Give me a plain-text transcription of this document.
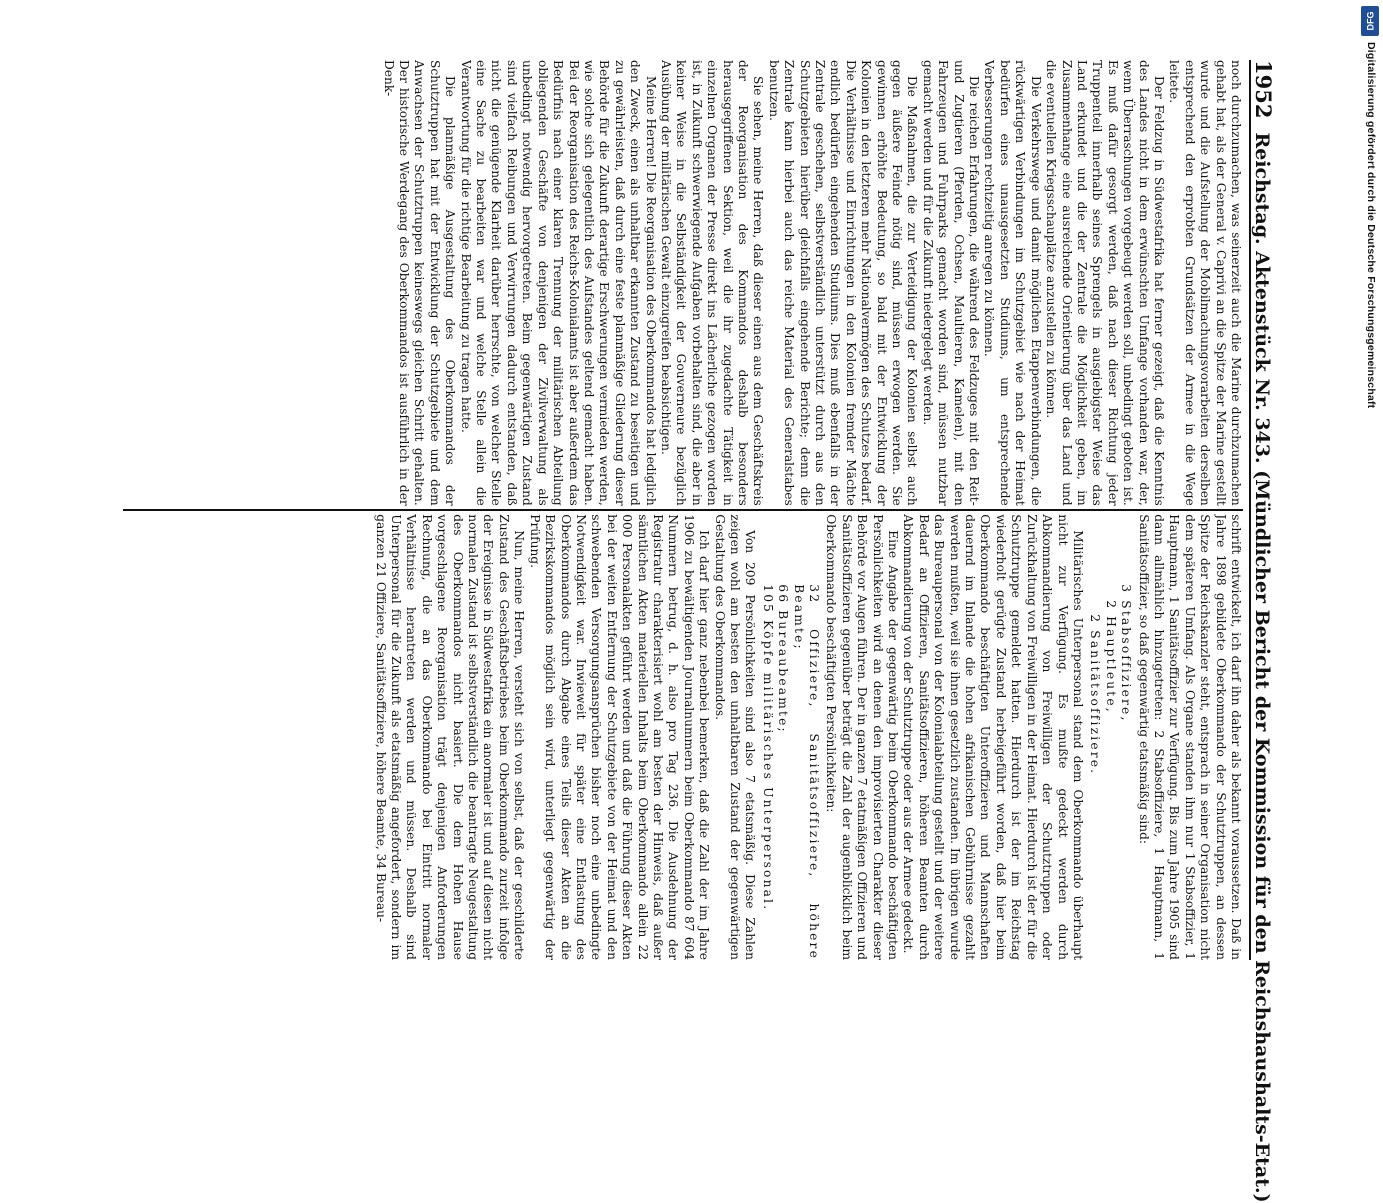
DFG
Digitalisierung gefördert durch die Deutsche Forschungsgemeinschaft
1952
Reichstag. Aktenstück Nr. 343. (Mündlicher Bericht der Kommission für den Reichshaushalts-Etat.)

noch durchzumachen, was seinerzeit auch die Marine durchzumachen gehabt hat, als der General v. Caprivi an die Spitze der Marine gestellt wurde und die Aufstellung der Mobilmachungsvorarbeiten derselben entsprechend den erprobten Grundsätzen der Armee in die Wege leitete.

Der Feldzug in Südwestafrika hat ferner gezeigt, daß die Kenntnis des Landes nicht in dem erwünschten Umfange vorhanden war, der, wenn Überraschungen vorgebeugt werden soll, unbedingt geboten ist. Es muß dafür gesorgt werden, daß nach dieser Richtung jeder Truppenteil innerhalb seines Sprengels in ausgiebigster Weise das Land erkundet und die der Zentrale die Möglichkeit geben, im Zusammenhange eine ausreichende Orientierung über das Land und die eventuellen Kriegsschauplätze anzustellen zu können.

Die Verkehrswege und damit möglichen Etappenverbindungen, die rückwärtigen Verbindungen im Schutzgebiet wie nach der Heimat bedürfen eines unausgesetzten Studiums, um entsprechende Verbesserungen rechtzeitig anregen zu können.

Die reichen Erfahrungen, die während des Feldzuges mit den Reit- und Zugtieren (Pferden, Ochsen, Maultieren, Kamelen), mit den Fahrzeugen und Fuhrparks gemacht worden sind, müssen nutzbar gemacht werden und für die Zukunft niedergelegt werden.

Die Maßnahmen, die zur Verteidigung der Kolonien selbst auch gegen äußere Feinde nötig sind, müssen erwogen werden. Sie gewinnen erhöhte Bedeutung, so bald mit der Entwicklung der Kolonien in den letzteren mehr Nationalvermögen des Schutzes bedarf. Die Verhältnisse und Einrichtungen in den Kolonien fremder Mächte endlich bedürfen eingehenden Studiums. Dies muß ebenfalls in der Zentrale geschehen, selbstverständlich unterstützt durch aus den Schutzgebieten hierüber gleichfalls eingehende Berichte; denn die Zentrale kann hierbei auch das reiche Material des Generalstabes benutzen.

Sie sehen, meine Herren, daß dieser einen aus dem Geschäftskreis der Reorganisation des Kommandos deshalb besonders herausgegriffenen Sektion, weil die ihr zugedachte Tätigkeit in einzelnen Organen der Presse direkt ins Lächerliche gezogen worden ist, in Zukunft schwerwiegende Aufgaben vorbehalten sind, die aber in keiner Weise in die Selbständigkeit der Gouverneure bezüglich Ausübung der militärischen Gewalt einzugreifen beabsichtigen.

Meine Herren! Die Reorganisation des Oberkommandos hat lediglich den Zweck, einen als unhaltbar erkannten Zustand zu beseitigen und zu gewährleisten, daß durch eine feste planmäßige Gliederung dieser Behörde für die Zukunft derartige Erschwerungen vermieden werden, wie solche sich gelegentlich des Aufstandes geltend gemacht haben. Bei der Reorganisation des Reichs-Kolonialamts ist aber außerdem das Bedürfnis nach einer klaren Trennung der militärischen Abteilung obliegenden Geschäfte von denjenigen der Zivilverwaltung als unbedingt notwendig hervorgetreten. Beim gegenwärtigen Zustand sind vielfach Reibungen und Verwirrungen dadurch entstanden, daß nicht die genügende Klarheit darüber herrschte, von welcher Stelle eine Sache zu bearbeiten war und welche Stelle allein die Verantwortung für die richtige Bearbeitung zu tragen hatte.

Die planmäßige Ausgestaltung des Oberkommandos der Schutztruppen hat mit der Entwicklung der Schutzgebiete und dem Anwachsen der Schutztruppen keineswegs gleichen Schritt gehalten. Der historische Werdegang des Oberkommandos ist ausführlich in der Denk-

schrift entwickelt, ich darf ihn daher als bekannt voraussetzen. Daß in Jahre 1898 gebildete Oberkommando der Schutztruppen, an dessen Spitze der Reichskanzler steht, entsprach in seiner Organisation nicht dem späteren Umfang. Als Organe standen ihm nur 1 Stabsoffizier, 1 Hauptmann, 1 Sanitätsoffizier zur Verfügung. Bis zum Jahre 1905 sind dann allmählich hinzugetreten: 2 Stabsoffiziere, 1 Hauptmann, 1 Sanitätsoffizier, so daß gegenwärtig etatsmäßig sind:

3 Stabsoffiziere,
2 Hauptleute,
2 Sanitätsoffiziere.

Militärisches Unterpersonal stand dem Oberkommando überhaupt nicht zur Verfügung. Es mußte gedeckt werden durch Abkommandierung von Freiwilligen der Schutztruppen oder Zurückhaltung von Freiwilligen in der Heimat. Hierdurch ist der für die Schutztruppe gemeldet hatten. Hierdurch ist der im Reichstag wiederholt gerügte Zustand herbeigeführt worden, daß hier beim Oberkommando beschäftigten Unteroffizieren und Mannschaften dauernd im Inlande die hohen afrikanischen Gebührnisse gezahlt werden mußten, weil sie ihnen gesetzlich zustanden. Im übrigen wurde das Bureaupersonal von der Kolonialabteilung gestellt und der weitere Bedarf an Offizieren, Sanitätsoffizieren, höheren Beamten durch Abkommandierung von der Schutztruppe oder aus der Armee gedeckt.

Eine Angabe der gegenwärtig beim Oberkommando beschäftigten Persönlichkeiten wird an denen den improvisierten Charakter dieser Behörde vor Augen führen. Der in ganzen 7 etatmäßigen Offizieren und Sanitätsoffizieren gegenüber beträgt die Zahl der augenblicklich beim Oberkommando beschäftigten Persönlichkeiten:

32 Offiziere, Sanitätsoffiziere, höhere Beamte;
66 Bureaubeamte;
105 Köpfe militärisches Unterpersonal.

Von 209 Persönlichkeiten sind also 7 etatsmäßig. Diese Zahlen zeigen wohl am besten den unhaltbaren Zustand der gegenwärtigen Gestaltung des Oberkommandos.

Ich darf hier ganz nebenbei bemerken, daß die Zahl der im Jahre 1906 zu bewältigenden Journalnummern beim Oberkommando 87 604 Nummern betrug, d. h. also pro Tag 236. Die Ausdehnung der Registratur charakterisiert wohl am besten der Hinweis, daß außer sämtlichen Akten materiellen Inhalts beim Oberkommando allein 22 000 Personalakten geführt werden und daß die Führung dieser Akten bei der weiten Entfernung der Schutzgebiete von der Heimat und den schwebenden Versorgungsansprüchen bisher noch eine unbedingte Notwendigkeit war. Inwieweit für später eine Entlastung des Oberkommandos durch Abgabe eines Teils dieser Akten an die Bezirkskommandos möglich sein wird, unterliegt gegenwärtig der Prüfung.

Nun, meine Herren, versteht sich von selbst, daß der geschilderte Zustand des Geschäftsbetriebes beim Oberkommando zurzeit infolge der Ereignisse in Südwestafrika ein anormaler ist und auf diesen nicht normalen Zustand ist selbstverständlich die beantragte Neugestaltung des Oberkommandos nicht basiert. Die dem Hohen Hause vorgeschlagene Reorganisation trägt denjenigen Anforderungen Rechnung, die an das Oberkommando bei Eintritt normaler Verhältnisse herantreten werden und müssen. Deshalb sind Unterpersonal für die Zukunft als etatsmäßig angefordert, sondern im ganzen 21 Offiziere, Sanitätsoffiziere, höhere Beamte, 34 Bureau-
